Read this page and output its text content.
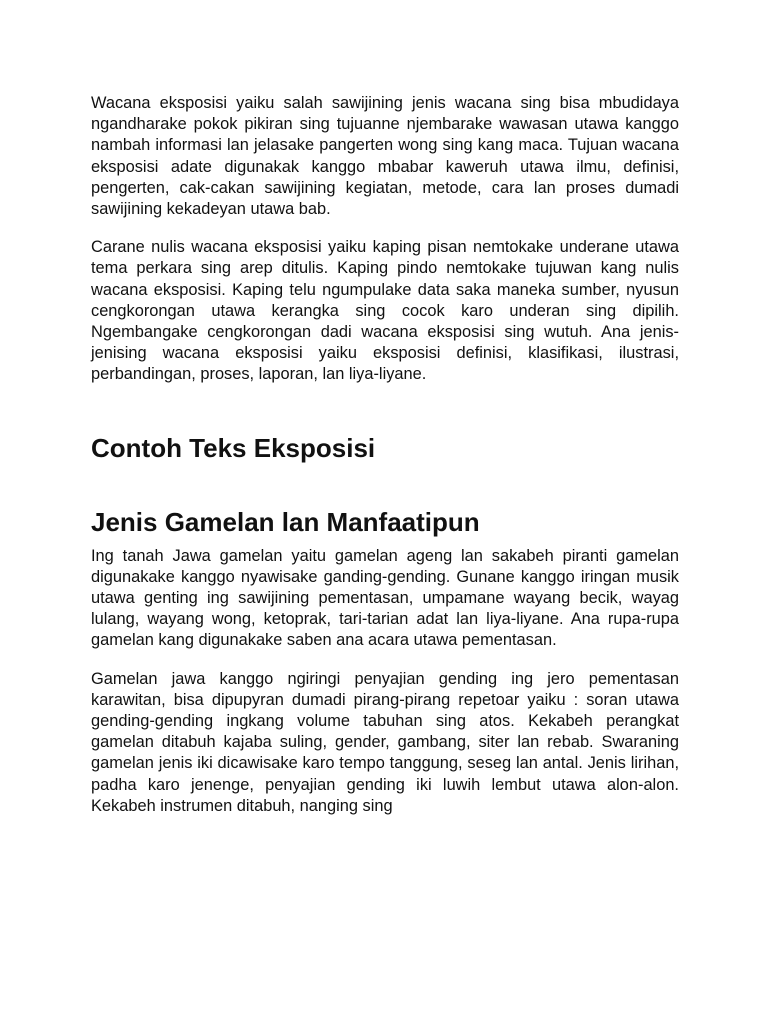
Wacana eksposisi yaiku salah sawijining jenis wacana sing bisa mbudidaya ngandharake pokok pikiran sing tujuanne njembarake wawasan utawa kanggo nambah informasi lan jelasake pangerten wong sing kang maca. Tujuan wacana eksposisi adate digunakak kanggo mbabar kaweruh utawa ilmu, definisi, pengerten, cak-cakan sawijining kegiatan, metode, cara lan proses dumadi sawijining kekadeyan utawa bab.

Carane nulis wacana eksposisi yaiku kaping pisan nemtokake underane utawa tema perkara sing arep ditulis. Kaping pindo nemtokake tujuwan kang nulis wacana eksposisi. Kaping telu ngumpulake data saka maneka sumber, nyusun cengkorongan utawa kerangka sing cocok karo underan sing dipilih. Ngembangake cengkorongan dadi wacana eksposisi sing wutuh. Ana jenis-jenising wacana eksposisi yaiku eksposisi definisi, klasifikasi, ilustrasi, perbandingan, proses, laporan, lan liya-liyane.

Contoh Teks Eksposisi
Jenis Gamelan lan Manfaatipun

Ing tanah Jawa gamelan yaitu gamelan ageng lan sakabeh piranti gamelan digunakake kanggo nyawisake ganding-gending. Gunane kanggo iringan musik utawa genting ing sawijining pementasan, umpamane wayang becik, wayag lulang, wayang wong, ketoprak, tari-tarian adat lan liya-liyane. Ana rupa-rupa gamelan kang digunakake saben ana acara utawa pementasan.

Gamelan jawa kanggo ngiringi penyajian gending ing jero pementasan karawitan, bisa dipupyran dumadi pirang-pirang repetoar yaiku : soran utawa gending-gending ingkang volume tabuhan sing atos. Kekabeh perangkat gamelan ditabuh kajaba suling, gender, gambang, siter lan rebab. Swaraning gamelan jenis iki dicawisake karo tempo tanggung, seseg lan antal. Jenis lirihan, padha karo jenenge, penyajian gending iki luwih lembut utawa alon-alon. Kekabeh instrumen ditabuh, nanging sing
